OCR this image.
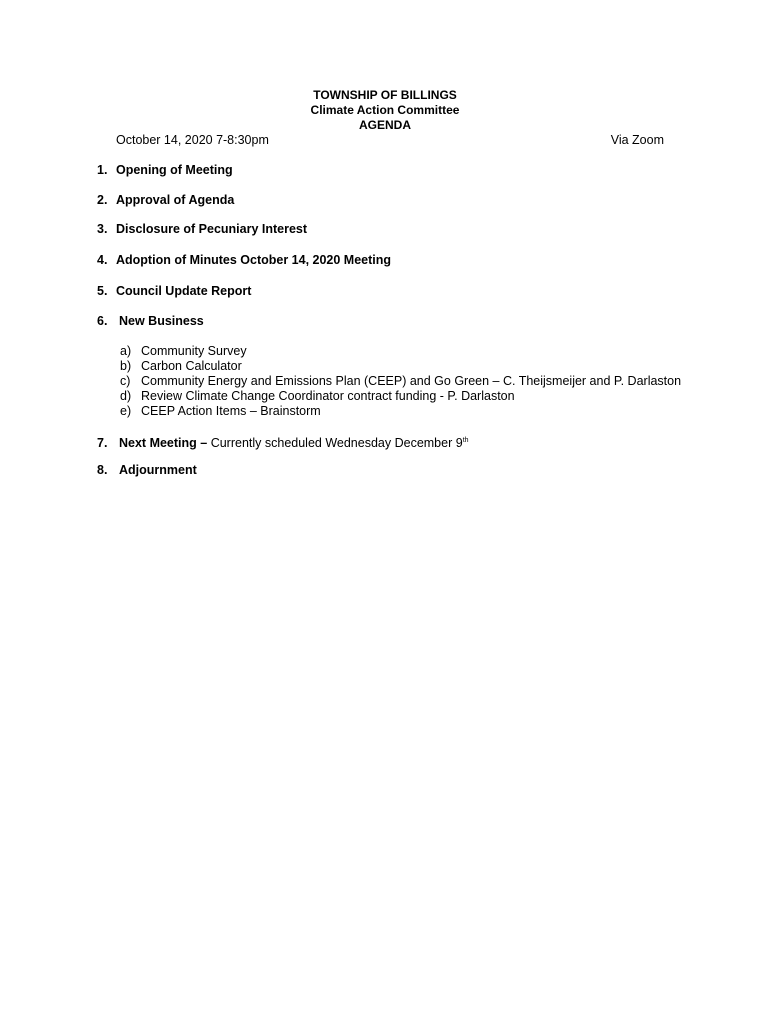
TOWNSHIP OF BILLINGS
Climate Action Committee
AGENDA
October 14, 2020 7-8:30pm	Via Zoom
1. Opening of Meeting
2. Approval of Agenda
3. Disclosure of Pecuniary Interest
4. Adoption of Minutes October 14, 2020 Meeting
5. Council Update Report
6. New Business
a) Community Survey
b) Carbon Calculator
c) Community Energy and Emissions Plan (CEEP) and Go Green – C. Theijsmeijer and P. Darlaston
d) Review Climate Change Coordinator contract funding - P. Darlaston
e) CEEP Action Items – Brainstorm
7. Next Meeting – Currently scheduled Wednesday December 9th
8. Adjournment
